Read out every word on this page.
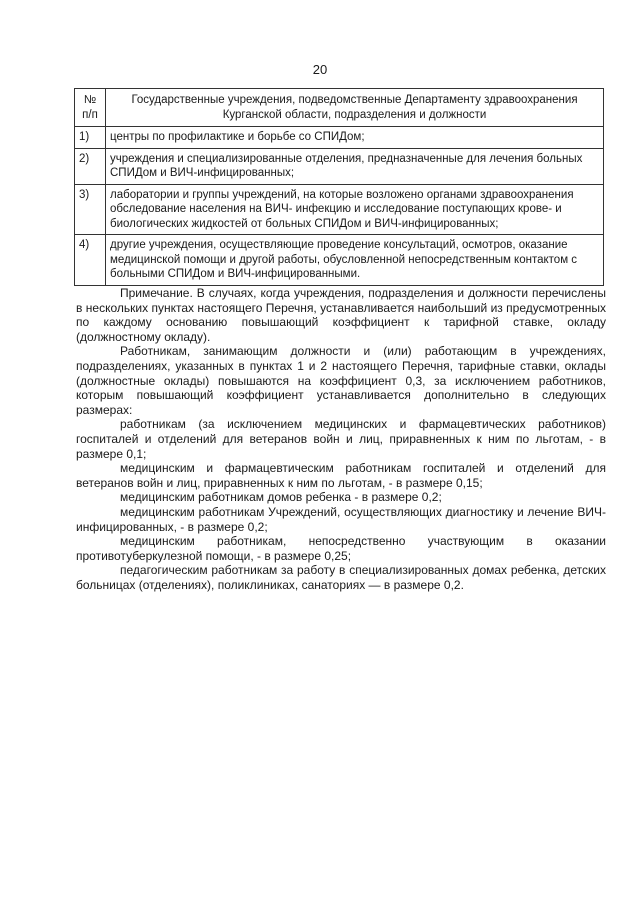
20
№ п/п	Государственные учреждения, подведомственные Департаменту здравоохранения Курганской области, подразделения и должности
1)	центры по профилактике и борьбе со СПИДом;
2)	учреждения и специализированные отделения, предназначенные для лечения больных СПИДом и ВИЧ-инфицированных;
3)	лаборатории и группы учреждений, на которые возложено органами здравоохранения обследование населения на ВИЧ- инфекцию и исследование поступающих крове- и биологических жидкостей от больных СПИДом и ВИЧ-инфицированных;
4)	другие учреждения, осуществляющие проведение консультаций, осмотров, оказание медицинской помощи и другой работы, обусловленной непосредственным контактом с больными СПИДом и ВИЧ-инфицированными.

Примечание. В случаях, когда учреждения, подразделения и должности перечислены в нескольких пунктах настоящего Перечня, устанавливается наибольший из предусмотренных по каждому основанию повышающий коэффициент к тарифной ставке, окладу (должностному окладу).

Работникам, занимающим должности и (или) работающим в учреждениях, подразделениях, указанных в пунктах 1 и 2 настоящего Перечня, тарифные ставки, оклады (должностные оклады) повышаются на коэффициент 0,3, за исключением работников, которым повышающий коэффициент устанавливается дополнительно в следующих размерах:

работникам (за исключением медицинских и фармацевтических работников) госпиталей и отделений для ветеранов войн и лиц, приравненных к ним по льготам, - в размере 0,1;

медицинским и фармацевтическим работникам госпиталей и отделений для ветеранов войн и лиц, приравненных к ним по льготам, - в размере 0,15;

медицинским работникам домов ребенка - в размере 0,2;

медицинским работникам Учреждений, осуществляющих диагностику и лечение ВИЧ-инфицированных, - в размере 0,2;

медицинским работникам, непосредственно участвующим в оказании противотуберкулезной помощи, - в размере 0,25;

педагогическим работникам за работу в специализированных домах ребенка, детских больницах (отделениях), поликлиниках, санаториях — в размере 0,2.
